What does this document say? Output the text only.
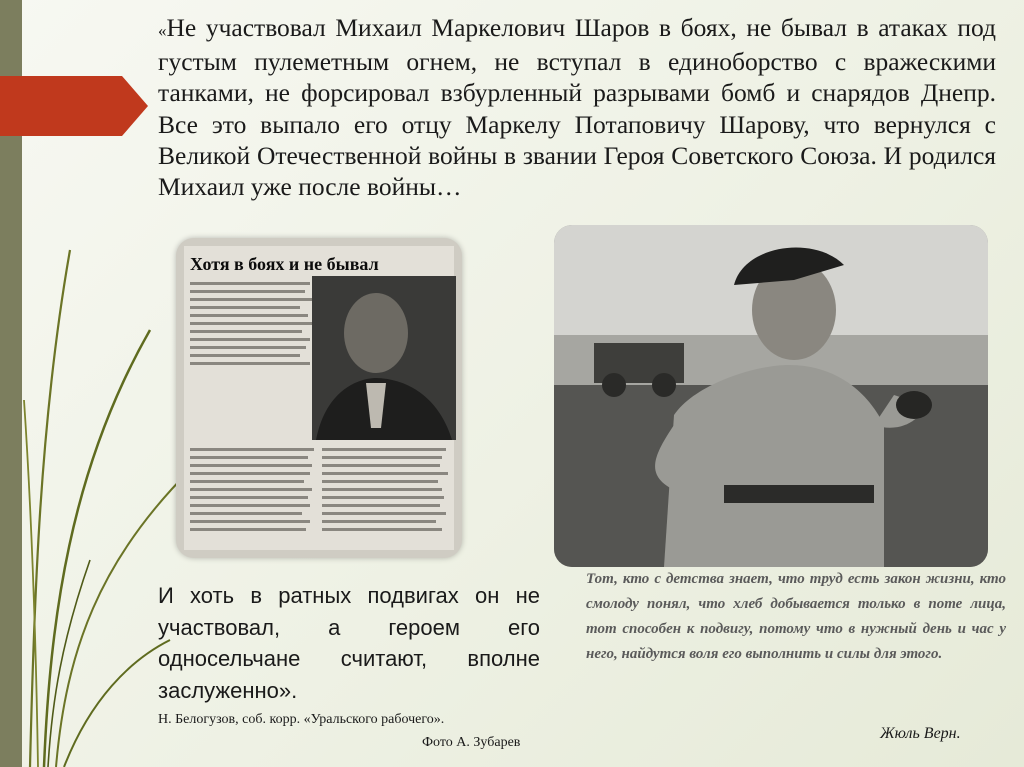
«Не участвовал Михаил Маркелович Шаров в боях, не бывал в атаках под густым пулеметным огнем, не вступал в единоборство с вражескими танками, не форсировал взбурленный разрывами бомб и снарядов Днепр. Все это выпало его отцу Маркелу Потаповичу Шарову, что вернулся с Великой Отечественной войны в звании Героя Советского Союза. И родился Михаил уже после войны…

Хотя в боях и не бывал

И хоть в ратных подвигах он не участвовал, а героем его односельчане считают, вполне заслуженно».

Н. Белогузов, соб. корр. «Уральского рабочего».
Фото А. Зубарев

Тот, кто с детства знает, что труд есть закон жизни, кто смолоду понял, что хлеб добывается только в поте лица, тот способен к подвигу, потому что в нужный день и час у него, найдутся воля его выполнить и силы для этого.

Жюль Верн.
